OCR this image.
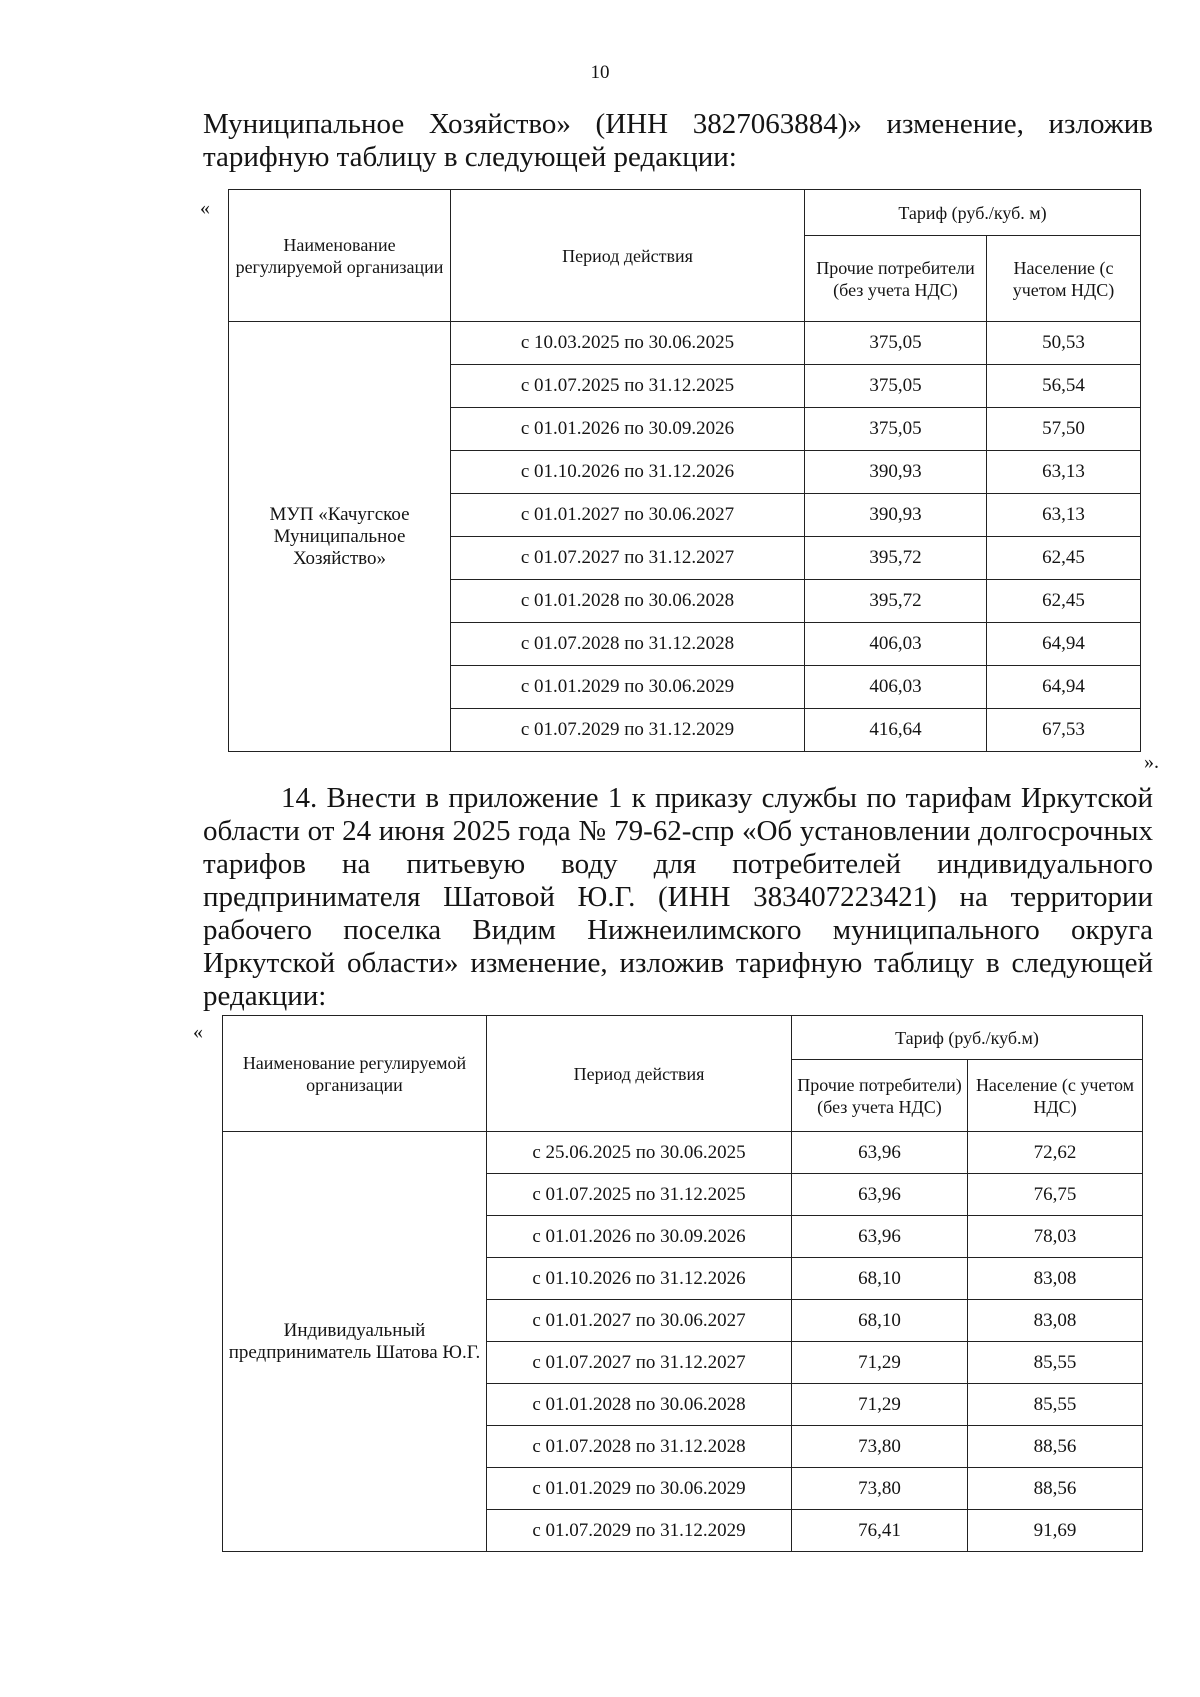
10

Муниципальное Хозяйство» (ИНН 3827063884)» изменение, изложив тарифную таблицу в следующей редакции:

«
Наименование регулируемой организации	Период действия	Тариф (руб./куб. м)	
		Прочие потребители (без учета НДС)	Население (с учетом НДС)
МУП «Качугское Муниципальное Хозяйство»	с 10.03.2025 по 30.06.2025	375,05	50,53
	с 01.07.2025 по 31.12.2025	375,05	56,54
	с 01.01.2026 по 30.09.2026	375,05	57,50
	с 01.10.2026 по 31.12.2026	390,93	63,13
	с 01.01.2027 по 30.06.2027	390,93	63,13
	с 01.07.2027 по 31.12.2027	395,72	62,45
	с 01.01.2028 по 30.06.2028	395,72	62,45
	с 01.07.2028 по 31.12.2028	406,03	64,94
	с 01.01.2029 по 30.06.2029	406,03	64,94
	с 01.07.2029 по 31.12.2029	416,64	67,53
».

14. Внести в приложение 1 к приказу службы по тарифам Иркутской области от 24 июня 2025 года № 79-62-спр «Об установлении долгосрочных тарифов на питьевую воду для потребителей индивидуального предпринимателя Шатовой Ю.Г. (ИНН 383407223421) на территории рабочего поселка Видим Нижнеилимского муниципального округа Иркутской области» изменение, изложив тарифную таблицу в следующей редакции:

«
Наименование регулируемой организации	Период действия	Тариф (руб./куб.м)	
		Прочие потребители) (без учета НДС)	Население (с учетом НДС)
Индивидуальный предприниматель Шатова Ю.Г.	с 25.06.2025 по 30.06.2025	63,96	72,62
	с 01.07.2025 по 31.12.2025	63,96	76,75
	с 01.01.2026 по 30.09.2026	63,96	78,03
	с 01.10.2026 по 31.12.2026	68,10	83,08
	с 01.01.2027 по 30.06.2027	68,10	83,08
	с 01.07.2027 по 31.12.2027	71,29	85,55
	с 01.01.2028 по 30.06.2028	71,29	85,55
	с 01.07.2028 по 31.12.2028	73,80	88,56
	с 01.01.2029 по 30.06.2029	73,80	88,56
	с 01.07.2029 по 31.12.2029	76,41	91,69
